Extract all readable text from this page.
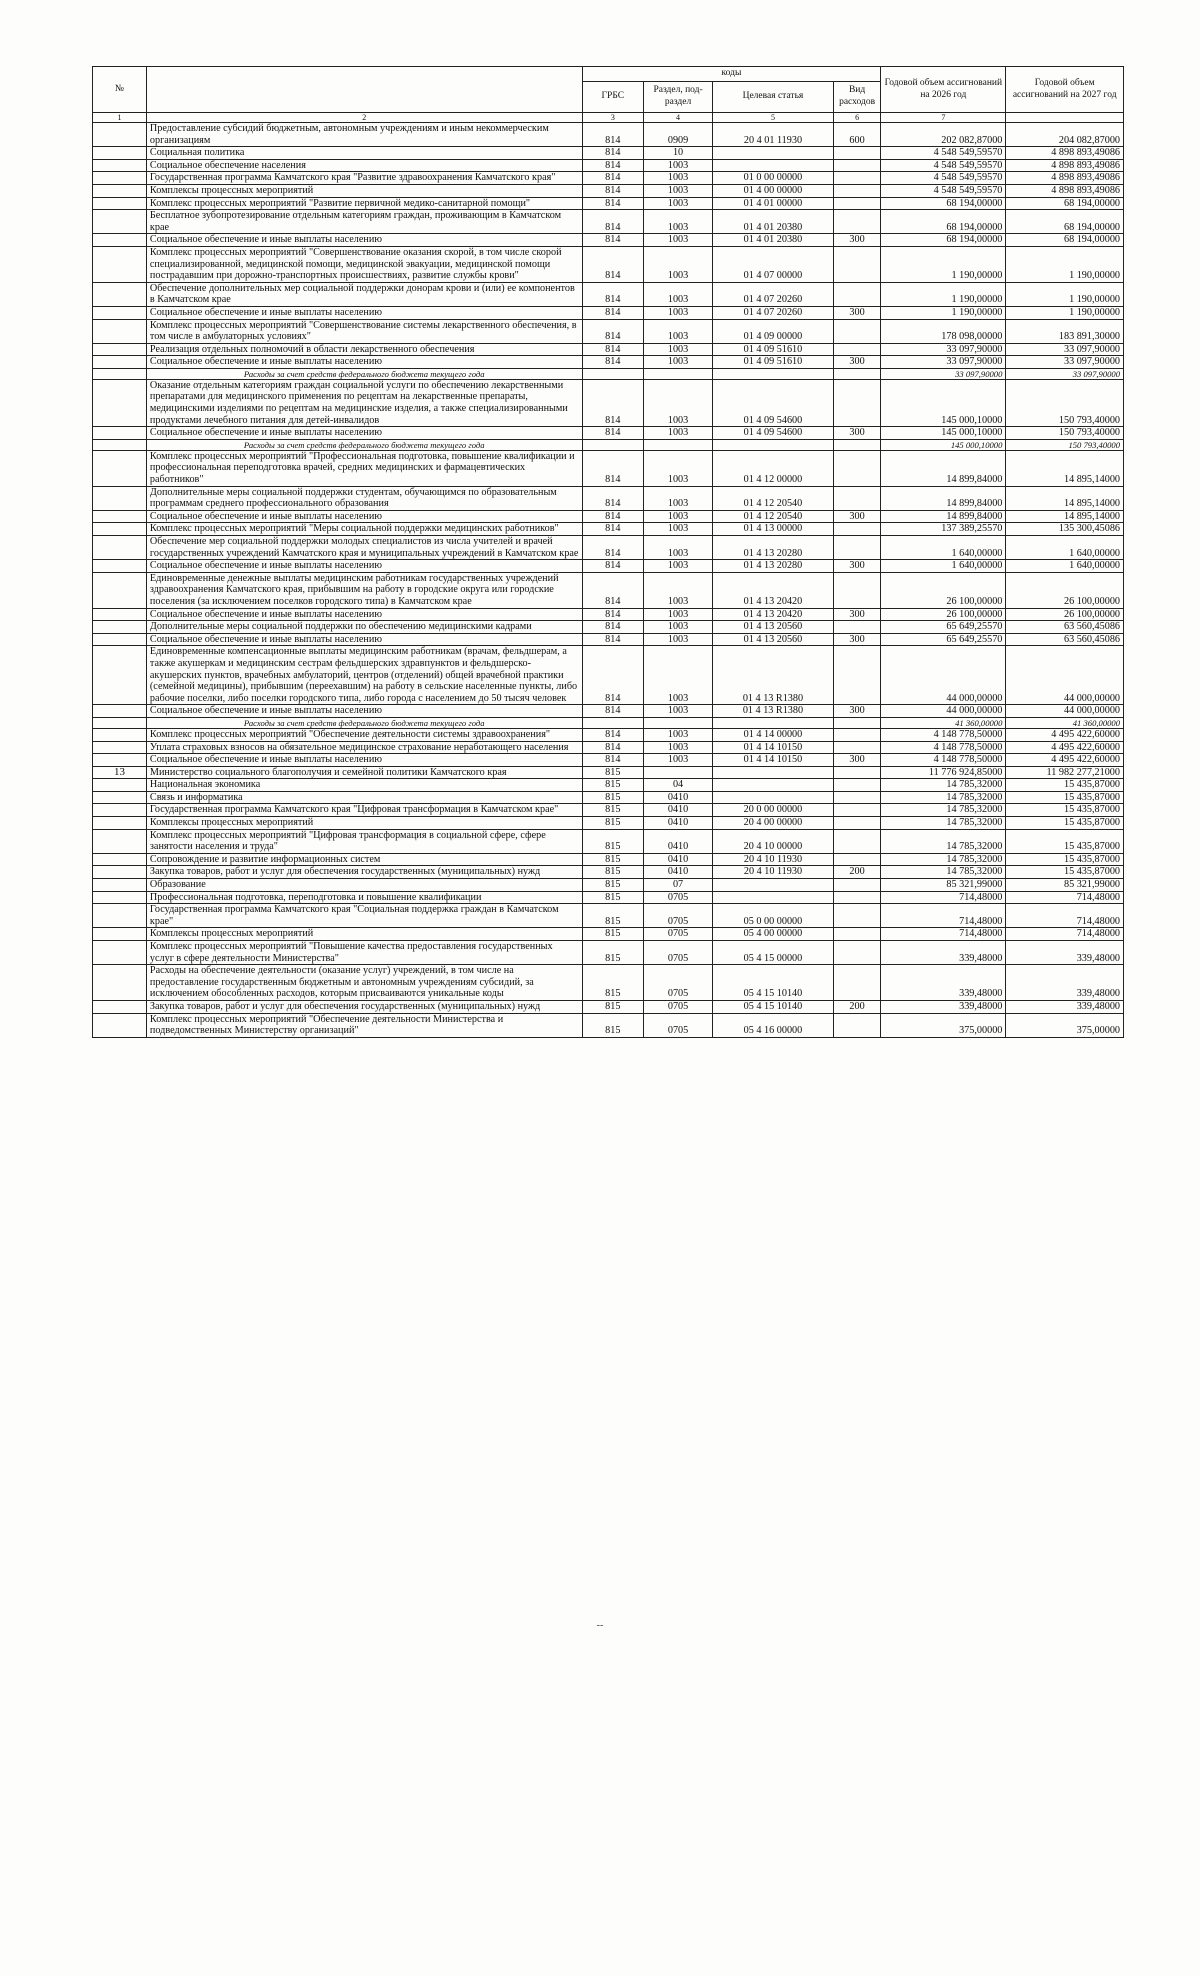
№		коды				Годовой объем ассигнований на 2026 год	Годовой объем ассигнований на 2027 год
		ГРБС	Раздел, под-раздел	Целевая статья	Вид расходов		
1	2	3	4	5	6	7	
	Предоставление субсидий бюджетным, автономным учреждениям и иным некоммерческим организациям	814	0909	20 4 01 11930	600	202 082,87000	204 082,87000
	Социальная политика	814	10			4 548 549,59570	4 898 893,49086
	Социальное обеспечение населения	814	1003			4 548 549,59570	4 898 893,49086
	Государственная программа Камчатского края "Развитие здравоохранения Камчатского края"	814	1003	01 0 00 00000		4 548 549,59570	4 898 893,49086
	Комплексы процессных мероприятий	814	1003	01 4 00 00000		4 548 549,59570	4 898 893,49086
	Комплекс процессных мероприятий "Развитие первичной медико-санитарной помощи"	814	1003	01 4 01 00000		68 194,00000	68 194,00000
	Бесплатное зубопротезирование отдельным категориям граждан, проживающим в Камчатском крае	814	1003	01 4 01 20380		68 194,00000	68 194,00000
	Социальное обеспечение и иные выплаты населению	814	1003	01 4 01 20380	300	68 194,00000	68 194,00000
	Комплекс процессных мероприятий "Совершенствование оказания скорой, в том числе скорой специализированной, медицинской помощи, медицинской эвакуации, медицинской помощи пострадавшим при дорожно-транспортных происшествиях, развитие службы крови"	814	1003	01 4 07 00000		1 190,00000	1 190,00000
	Обеспечение дополнительных мер социальной поддержки донорам крови и (или) ее компонентов в Камчатском крае	814	1003	01 4 07 20260		1 190,00000	1 190,00000
	Социальное обеспечение и иные выплаты населению	814	1003	01 4 07 20260	300	1 190,00000	1 190,00000
	Комплекс процессных мероприятий "Совершенствование системы лекарственного обеспечения, в том числе в амбулаторных условиях"	814	1003	01 4 09 00000		178 098,00000	183 891,30000
	Реализация отдельных полномочий в области лекарственного обеспечения	814	1003	01 4 09 51610		33 097,90000	33 097,90000
	Социальное обеспечение и иные выплаты населению	814	1003	01 4 09 51610	300	33 097,90000	33 097,90000
	Расходы за счет средств федерального бюджета текущего года					33 097,90000	33 097,90000
	Оказание отдельным категориям граждан социальной услуги по обеспечению лекарственными препаратами для медицинского применения по рецептам на лекарственные препараты, медицинскими изделиями по рецептам на медицинские изделия, а также специализированными продуктами лечебного питания для детей-инвалидов	814	1003	01 4 09 54600		145 000,10000	150 793,40000
	Социальное обеспечение и иные выплаты населению	814	1003	01 4 09 54600	300	145 000,10000	150 793,40000
	Расходы за счет средств федерального бюджета текущего года					145 000,10000	150 793,40000
	Комплекс процессных мероприятий "Профессиональная подготовка, повышение квалификации и профессиональная переподготовка врачей, средних медицинских и фармацевтических работников"	814	1003	01 4 12 00000		14 899,84000	14 895,14000
	Дополнительные меры социальной поддержки студентам, обучающимся по образовательным программам среднего профессионального образования	814	1003	01 4 12 20540		14 899,84000	14 895,14000
	Социальное обеспечение и иные выплаты населению	814	1003	01 4 12 20540	300	14 899,84000	14 895,14000
	Комплекс процессных мероприятий "Меры социальной поддержки медицинских работников"	814	1003	01 4 13 00000		137 389,25570	135 300,45086
	Обеспечение мер социальной поддержки молодых специалистов из числа учителей и врачей государственных учреждений Камчатского края и муниципальных учреждений в Камчатском крае	814	1003	01 4 13 20280		1 640,00000	1 640,00000
	Социальное обеспечение и иные выплаты населению	814	1003	01 4 13 20280	300	1 640,00000	1 640,00000
	Единовременные денежные выплаты медицинским работникам государственных учреждений здравоохранения Камчатского края, прибывшим на работу в городские округа или городские поселения (за исключением поселков городского типа) в Камчатском крае	814	1003	01 4 13 20420		26 100,00000	26 100,00000
	Социальное обеспечение и иные выплаты населению	814	1003	01 4 13 20420	300	26 100,00000	26 100,00000
	Дополнительные меры социальной поддержки по обеспечению медицинскими кадрами	814	1003	01 4 13 20560		65 649,25570	63 560,45086
	Социальное обеспечение и иные выплаты населению	814	1003	01 4 13 20560	300	65 649,25570	63 560,45086
	Единовременные компенсационные выплаты медицинским работникам (врачам, фельдшерам, а также акушеркам и медицинским сестрам фельдшерских здравпунктов и фельдшерско-акушерских пунктов, врачебных амбулаторий, центров (отделений) общей врачебной практики (семейной медицины), прибывшим (переехавшим) на работу в сельские населенные пункты, либо рабочие поселки, либо поселки городского типа, либо города с населением до 50 тысяч человек	814	1003	01 4 13 R1380		44 000,00000	44 000,00000
	Социальное обеспечение и иные выплаты населению	814	1003	01 4 13 R1380	300	44 000,00000	44 000,00000
	Расходы за счет средств федерального бюджета текущего года					41 360,00000	41 360,00000
	Комплекс процессных мероприятий "Обеспечение деятельности системы здравоохранения"	814	1003	01 4 14 00000		4 148 778,50000	4 495 422,60000
	Уплата страховых взносов на обязательное медицинское страхование неработающего населения	814	1003	01 4 14 10150		4 148 778,50000	4 495 422,60000
	Социальное обеспечение и иные выплаты населению	814	1003	01 4 14 10150	300	4 148 778,50000	4 495 422,60000
13	Министерство социального благополучия и семейной политики Камчатского края	815				11 776 924,85000	11 982 277,21000
	Национальная экономика	815	04			14 785,32000	15 435,87000
	Связь и информатика	815	0410			14 785,32000	15 435,87000
	Государственная программа Камчатского края "Цифровая трансформация в Камчатском крае"	815	0410	20 0 00 00000		14 785,32000	15 435,87000
	Комплексы процессных мероприятий	815	0410	20 4 00 00000		14 785,32000	15 435,87000
	Комплекс процессных мероприятий "Цифровая трансформация в социальной сфере, сфере занятости населения и труда"	815	0410	20 4 10 00000		14 785,32000	15 435,87000
	Сопровождение и развитие информационных систем	815	0410	20 4 10 11930		14 785,32000	15 435,87000
	Закупка товаров, работ и услуг для обеспечения государственных (муниципальных) нужд	815	0410	20 4 10 11930	200	14 785,32000	15 435,87000
	Образование	815	07			85 321,99000	85 321,99000
	Профессиональная подготовка, переподготовка и повышение квалификации	815	0705			714,48000	714,48000
	Государственная программа Камчатского края "Социальная поддержка граждан в Камчатском крае"	815	0705	05 0 00 00000		714,48000	714,48000
	Комплексы процессных мероприятий	815	0705	05 4 00 00000		714,48000	714,48000
	Комплекс процессных мероприятий "Повышение качества предоставления государственных услуг в сфере деятельности Министерства"	815	0705	05 4 15 00000		339,48000	339,48000
	Расходы на обеспечение деятельности (оказание услуг) учреждений, в том числе на предоставление государственным бюджетным и автономным учреждениям субсидий, за исключением обособленных расходов, которым присваиваются уникальные коды	815	0705	05 4 15 10140		339,48000	339,48000
	Закупка товаров, работ и услуг для обеспечения государственных (муниципальных) нужд	815	0705	05 4 15 10140	200	339,48000	339,48000
	Комплекс процессных мероприятий "Обеспечение деятельности Министерства и подведомственных Министерству организаций"	815	0705	05 4 16 00000		375,00000	375,00000
--
